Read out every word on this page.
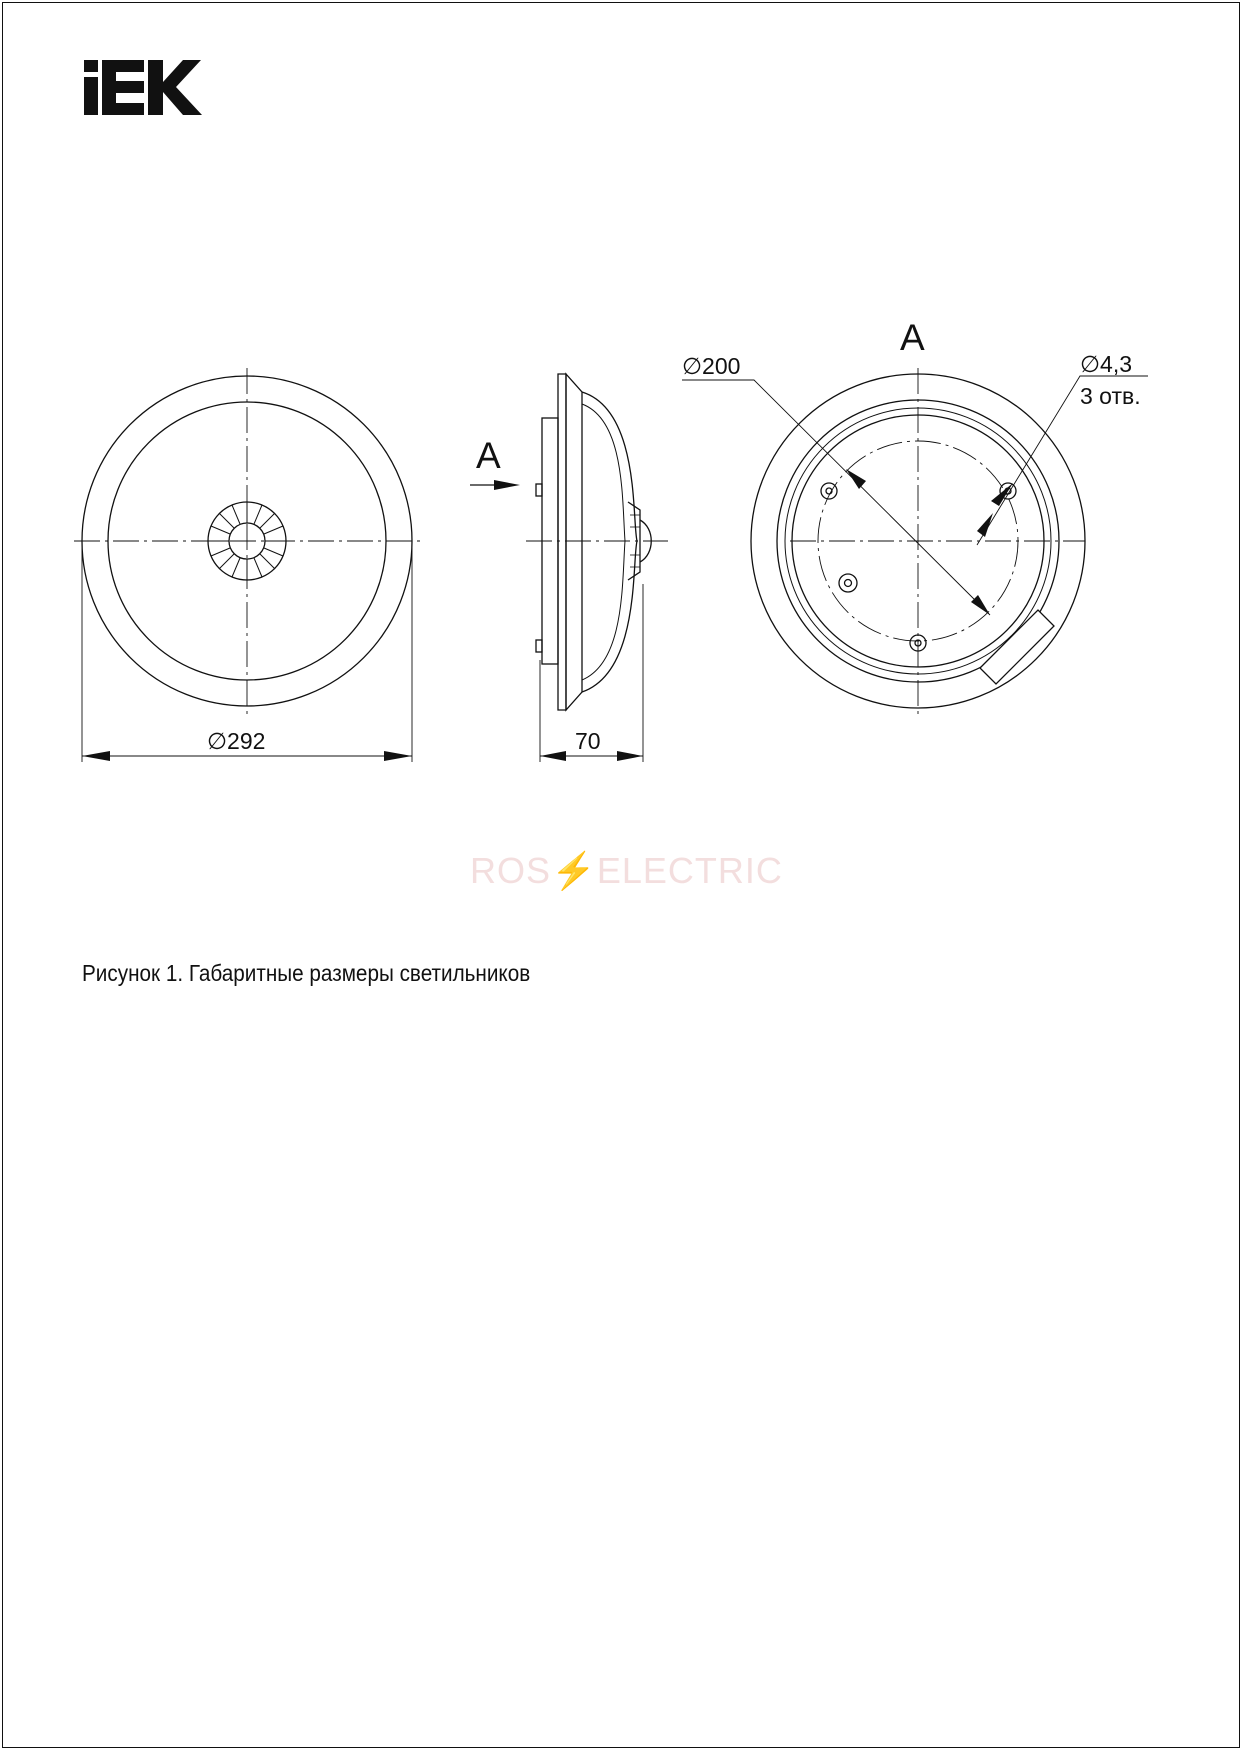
∅292	70
A
A
∅200	∅4,3
3 отв.
ROS⚡ELECTRIC
Рисунок 1. Габаритные размеры светильников
